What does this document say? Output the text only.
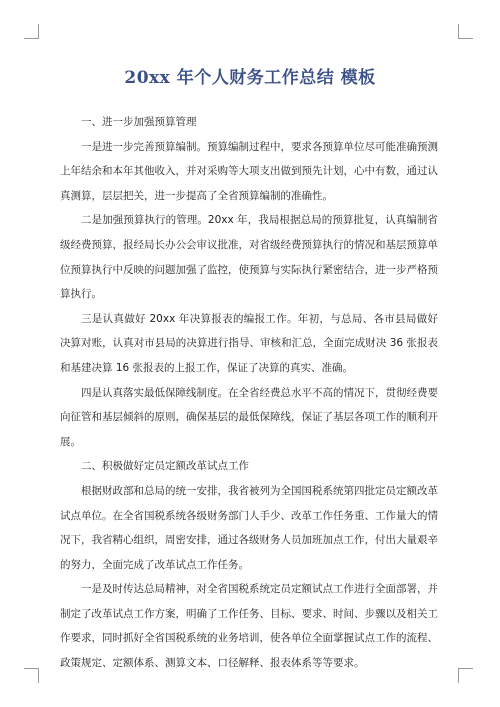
20xx 年个人财务工作总结 模板

一、进一步加强预算管理

一是进一步完善预算编制。预算编制过程中，要求各预算单位尽可能准确预测上年结余和本年其他收入，并对采购等大项支出做到预先计划，心中有数，通过认真测算，层层把关，进一步提高了全省预算编制的准确性。

二是加强预算执行的管理。20xx 年，我局根据总局的预算批复，认真编制省级经费预算，报经局长办公会审议批准，对省级经费预算执行的情况和基层预算单位预算执行中反映的问题加强了监控，使预算与实际执行紧密结合，进一步严格预算执行。

三是认真做好 20xx 年决算报表的编报工作。年初，与总局、各市县局做好决算对账，认真对市县局的决算进行指导、审核和汇总，全面完成财决 36 张报表和基建决算 16 张报表的上报工作，保证了决算的真实、准确。

四是认真落实最低保障线制度。在全省经费总水平不高的情况下，贯彻经费要向征管和基层倾斜的原则，确保基层的最低保障线，保证了基层各项工作的顺利开展。

二、积极做好定员定额改革试点工作

根据财政部和总局的统一安排，我省被列为全国国税系统第四批定员定额改革试点单位。在全省国税系统各级财务部门人手少、改革工作任务重、工作量大的情况下，我省精心组织，周密安排，通过各级财务人员加班加点工作，付出大量艰辛的努力，全面完成了改革试点工作任务。

一是及时传达总局精神，对全省国税系统定员定额试点工作进行全面部署，并制定了改革试点工作方案，明确了工作任务、目标、要求、时间、步骤以及相关工作要求，同时抓好全省国税系统的业务培训，使各单位全面掌握试点工作的流程、政策规定、定额体系、测算文本、口径解释、报表体系等等要求。
